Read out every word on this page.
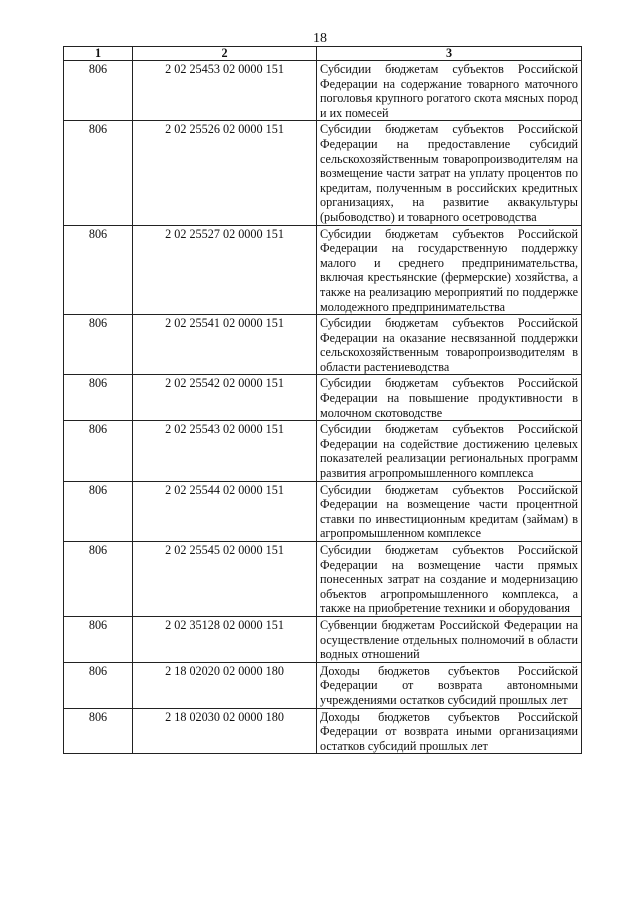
18
1	2	3
806	2 02 25453 02 0000 151	Субсидии бюджетам субъектов Российской Федерации на содержание товарного маточного поголовья крупного рогатого скота мясных пород и их помесей
806	2 02 25526 02 0000 151	Субсидии бюджетам субъектов Российской Федерации на предоставление субсидий сельскохозяйственным товаропроизводителям на возмещение части затрат на уплату процентов по кредитам, полученным в российских кредитных организациях, на развитие аквакультуры (рыбоводство) и товарного осетроводства
806	2 02 25527 02 0000 151	Субсидии бюджетам субъектов Российской Федерации на государственную поддержку малого и среднего предпринимательства, включая крестьянские (фермерские) хозяйства, а также на реализацию мероприятий по поддержке молодежного предпринимательства
806	2 02 25541 02 0000 151	Субсидии бюджетам субъектов Российской Федерации на оказание несвязанной поддержки сельскохозяйственным товаропроизводителям в области растениеводства
806	2 02 25542 02 0000 151	Субсидии бюджетам субъектов Российской Федерации на повышение продуктивности в молочном скотоводстве
806	2 02 25543 02 0000 151	Субсидии бюджетам субъектов Российской Федерации на содействие достижению целевых показателей реализации региональных программ развития агропромышленного комплекса
806	2 02 25544 02 0000 151	Субсидии бюджетам субъектов Российской Федерации на возмещение части процентной ставки по инвестиционным кредитам (займам) в агропромышленном комплексе
806	2 02 25545 02 0000 151	Субсидии бюджетам субъектов Российской Федерации на возмещение части прямых понесенных затрат на создание и модернизацию объектов агропромышленного комплекса, а также на приобретение техники и оборудования
806	2 02 35128 02 0000 151	Субвенции бюджетам Российской Федерации на осуществление отдельных полномочий в области водных отношений
806	2 18 02020 02 0000 180	Доходы бюджетов субъектов Российской Федерации от возврата автономными учреждениями остатков субсидий прошлых лет
806	2 18 02030 02 0000 180	Доходы бюджетов субъектов Российской Федерации от возврата иными организациями остатков субсидий прошлых лет
